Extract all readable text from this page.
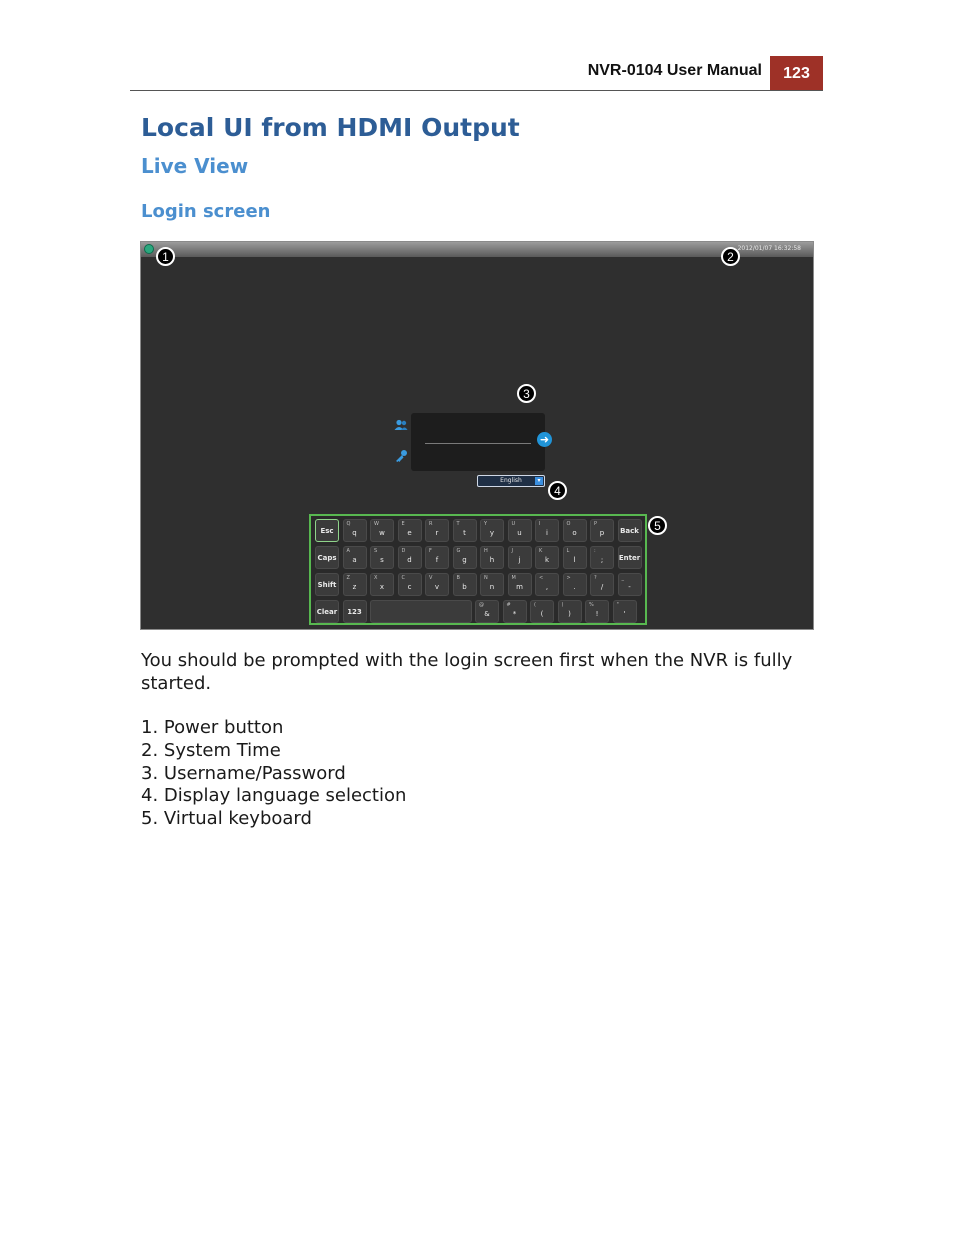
NVR-0104 User Manual	123
Local UI from HDMI Output
Live View
Login screen
2012/01/07 16:32:58
1	2
3
4
5
➜
English	▾
Esc
Q
q
W
w
E
e
R
r
T
t
Y
y
U
u
I
i
O
o
P
p	Back
Caps
A
a
S
s
D
d
F
f
G
g
H
h
J
j
K
k
L
l
:
;	Enter
Shift
Z
z
X
x
C
c
V
v
B
b
N
n
M
m
<
,
>
.
?
/
_
-
Clear	123
@
&
#
*
(
(
)
)
%
!
"
'
You should be prompted with the login screen first when the NVR is fully started.
1. Power button
2. System Time
3. Username/Password
4. Display language selection
5. Virtual keyboard
